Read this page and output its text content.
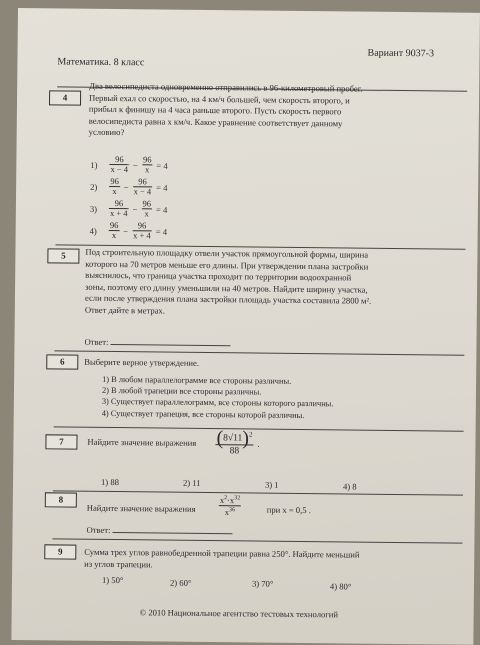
Математика. 8 класс
Вариант 9037-3
4
Два велосипедиста одновременно отправились в 96-километровый пробег.
Первый ехал со скоростью, на 4 км/ч большей, чем скорость второго, и
прибыл к финишу на 4 часа раньше второго. Пусть скорость первого
велосипедиста равна x км/ч. Какое уравнение соответствует данному
условию?
$1) \frac{96}{x - 4} - \frac{96}{x} = 4$
$2) \frac{96}{x} - \frac{96}{x - 4} = 4$
$3) \frac{96}{x + 4} - \frac{96}{x} = 4$
$4) \frac{96}{x} - \frac{96}{x + 4} = 4$
5	Под строительную площадку отвели участок прямоугольной формы, ширина
которого на 70 метров меньше его длины. При утверждении плана застройки
выяснилось, что граница участка проходит по территории водоохранной
зоны, поэтому его длину уменьшили на 40 метров. Найдите ширину участка,
если после утверждения плана застройки площадь участка составила 2800 м².
Ответ дайте в метрах.
Ответ:
6	Выберите верное утверждение.
1) В любом параллелограмме все стороны различны.
2) В любой трапеции все стороны различны.
3) Существует параллелограмм, все стороны которого различны.
4) Существует трапеция, все стороны которой различны.
7	Найдите значение выражения $\frac{(8√11)^2}{88}$ .
1) 88	2) 11	3) 1	4) 8
8
Найдите значение выражения	$\frac{x^2\cdot x^{32}}{x^{36}}$	при x = 0,5 .
Ответ:
9	Сумма трех углов равнобедренной трапеции равна 250°. Найдите меньший
из углов трапеции.
1) 50°	2) 60°	3) 70°	4) 80°
© 2010 Национальное агентство тестовых технологий
